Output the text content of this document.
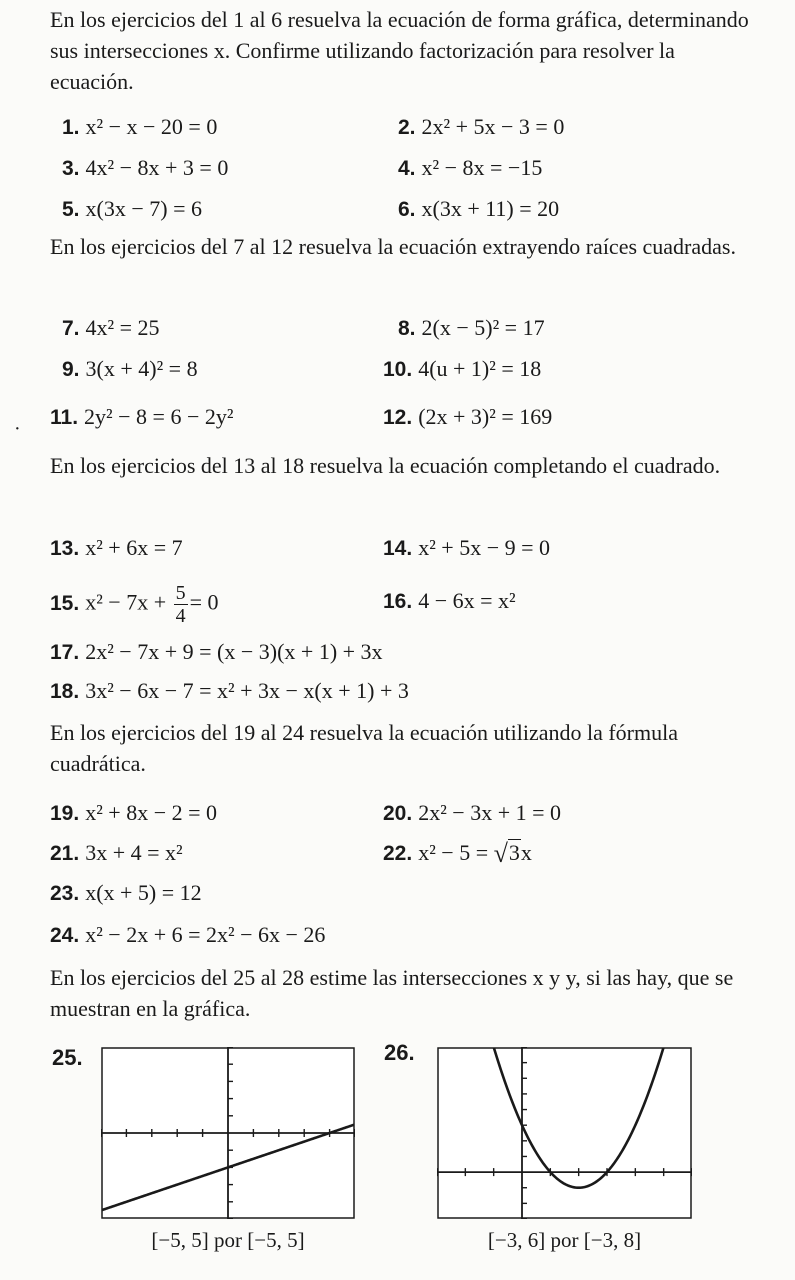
En los ejercicios del 1 al 6 resuelva la ecuación de forma gráfica, determinando sus intersecciones x. Confirme utilizando factorización para resolver la ecuación.
1. x² − x − 20 = 0	2. 2x² + 5x − 3 = 0
3. 4x² − 8x + 3 = 0	4. x² − 8x = −15
5. x(3x − 7) = 6	6. x(3x + 11) = 20
En los ejercicios del 7 al 12 resuelva la ecuación extrayendo raíces cuadradas.
7. 4x² = 25	8. 2(x − 5)² = 17
9. 3(x + 4)² = 8	10. 4(u + 1)² = 18
· 11. 2y² − 8 = 6 − 2y²	12. (2x + 3)² = 169
En los ejercicios del 13 al 18 resuelva la ecuación completando el cuadrado.
13. x² + 6x = 7	14. x² + 5x − 9 = 0
15. $x^2 - 7x + \frac{5}{4} = 0$	16. 4 − 6x = x²
17. 2x² − 7x + 9 = (x − 3)(x + 1) + 3x
18. 3x² − 6x − 7 = x² + 3x − x(x + 1) + 3
En los ejercicios del 19 al 24 resuelva la ecuación utilizando la fórmula cuadrática.
19. x² + 8x − 2 = 0	20. 2x² − 3x + 1 = 0
21. 3x + 4 = x²	22. x² − 5 = √3x
23. x(x + 5) = 12
24. x² − 2x + 6 = 2x² − 6x − 26
En los ejercicios del 25 al 28 estime las intersecciones x y y, si las hay, que se muestran en la gráfica.
25.
[−5, 5] por [−5, 5]
26.
[−3, 6] por [−3, 8]
